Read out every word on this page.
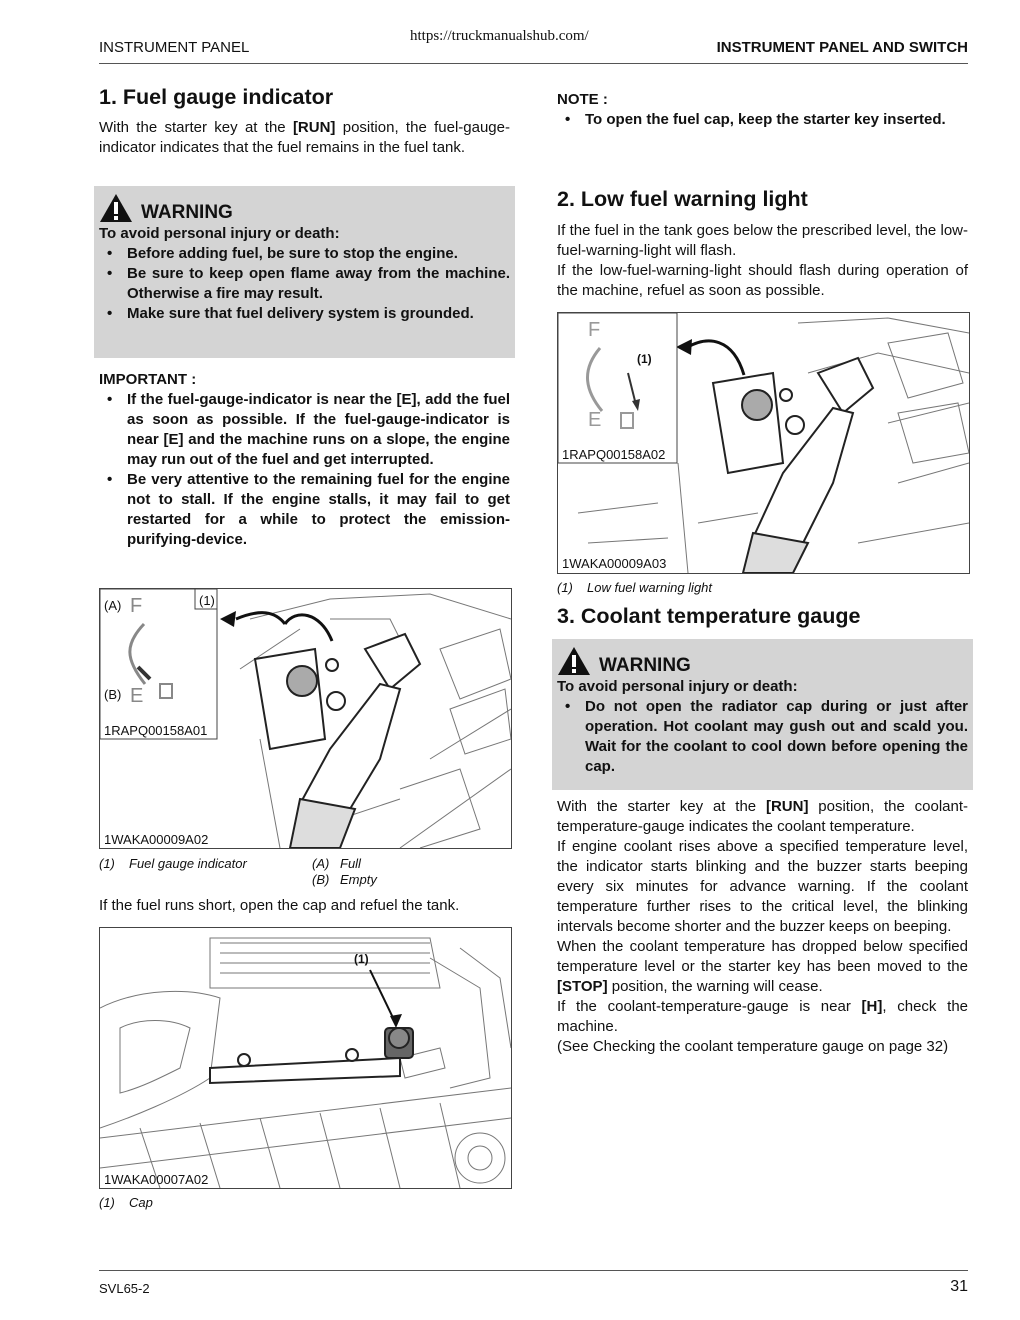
INSTRUMENT PANEL
https://truckmanualshub.com/
INSTRUMENT PANEL AND SWITCH
1. Fuel gauge indicator

With the starter key at the [RUN] position, the fuel-gauge-indicator indicates that the fuel remains in the fuel tank.

WARNING
To avoid personal injury or death:
• Before adding fuel, be sure to stop the engine.
• Be sure to keep open flame away from the machine. Otherwise a fire may result.
• Make sure that fuel delivery system is grounded.
IMPORTANT :
• If the fuel-gauge-indicator is near the [E], add the fuel as soon as possible. If the fuel-gauge-indicator is near [E] and the machine runs on a slope, the engine may run out of the fuel and get interrupted.
• Be very attentive to the remaining fuel for the engine not to stall. If the engine stalls, it may fail to get restarted for a while to protect the emission-purifying-device.
(A)	(1)
F
(B) E
1RAPQ00158A01
1WAKA00009A02
(1) Fuel gauge indicator	(A) Full
(B) Empty

If the fuel runs short, open the cap and refuel the tank.

(1)
1WAKA00007A02
(1) Cap
NOTE :
• To open the fuel cap, keep the starter key inserted.
2. Low fuel warning light

If the fuel in the tank goes below the prescribed level, the low-fuel-warning-light will flash.

If the low-fuel-warning-light should flash during operation of the machine, refuel as soon as possible.

F
(1)
E
1RAPQ00158A02
1WAKA00009A03
(1) Low fuel warning light
3. Coolant temperature gauge
WARNING
To avoid personal injury or death:
• Do not open the radiator cap during or just after operation. Hot coolant may gush out and scald you. Wait for the coolant to cool down before opening the cap.

With the starter key at the [RUN] position, the coolant-temperature-gauge indicates the coolant temperature.

If engine coolant rises above a specified temperature level, the indicator starts blinking and the buzzer starts beeping every six minutes for advance warning. If the coolant temperature further rises to the critical level, the blinking intervals become shorter and the buzzer keeps on beeping.

When the coolant temperature has dropped below specified temperature level or the starter key has been moved to the [STOP] position, the warning will cease.

If the coolant-temperature-gauge is near [H], check the machine.

(See Checking the coolant temperature gauge on page 32)

SVL65-2	31
